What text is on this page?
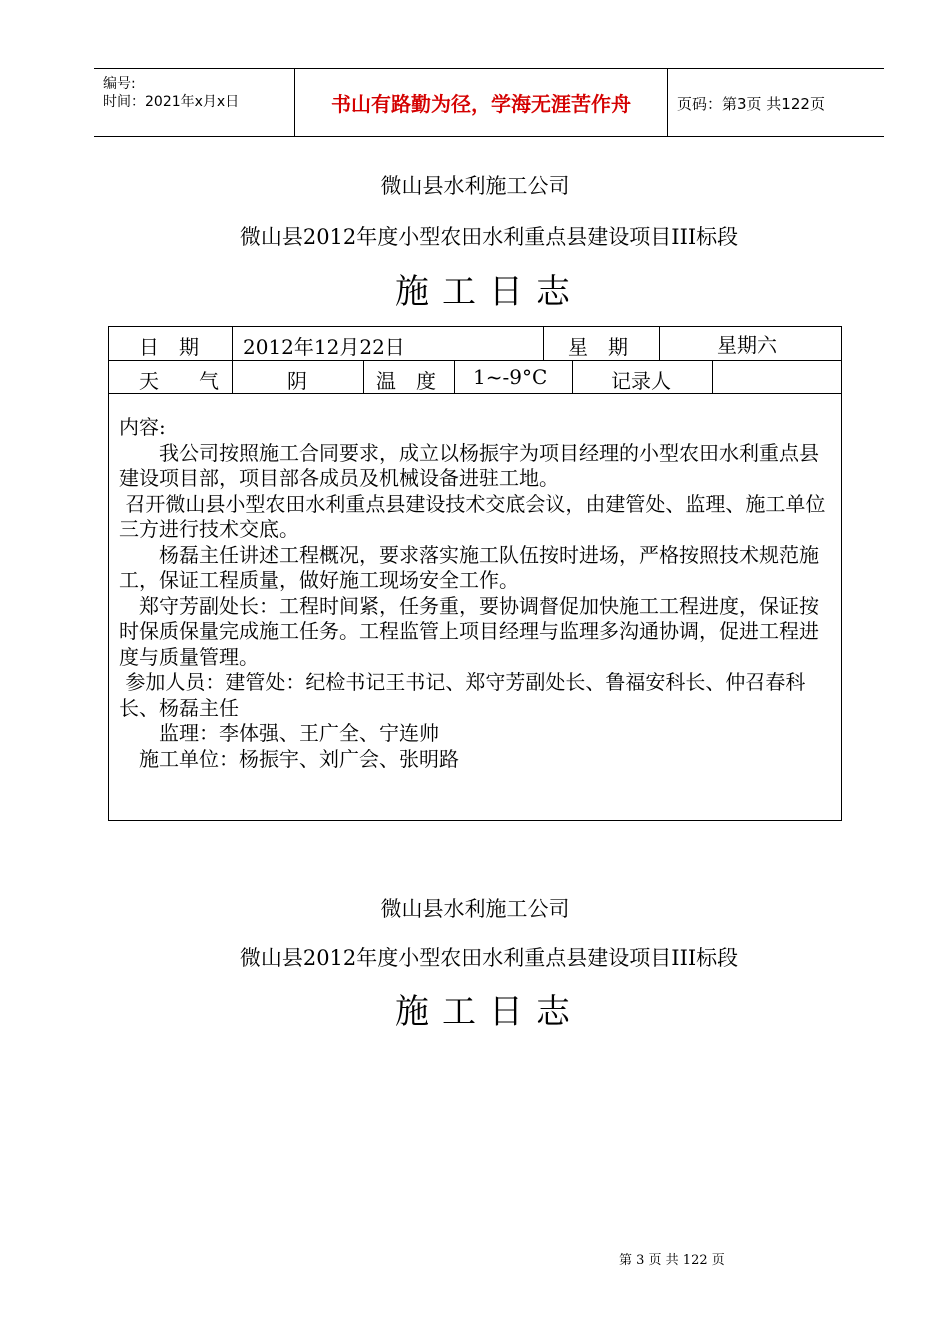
编号:
时间：2021年x月x日	书山有路勤为径，学海无涯苦作舟	页码：第3页 共122页
微山县水利施工公司
微山县2012年度小型农田水利重点县建设项目III标段
施工日志
日　期 2012年12月22日	星　期	星期六
天　　气	阴	温　度 1~-9°C	记录人

内容:

　　我公司按照施工合同要求，成立以杨振宇为项目经理的小型农田水利重点县建设项目部，项目部各成员及机械设备进驻工地。

召开微山县小型农田水利重点县建设技术交底会议，由建管处、监理、施工单位三方进行技术交底。

　　杨磊主任讲述工程概况，要求落实施工队伍按时进场，严格按照技术规范施工，保证工程质量，做好施工现场安全工作。

　郑守芳副处长：工程时间紧，任务重，要协调督促加快施工工程进度，保证按时保质保量完成施工任务。工程监管上项目经理与监理多沟通协调，促进工程进度与质量管理。

参加人员：建管处：纪检书记王书记、郑守芳副处长、鲁福安科长、仲召春科长、杨磊主任

　　监理：李体强、王广全、宁连帅

　施工单位：杨振宇、刘广会、张明路

微山县水利施工公司
微山县2012年度小型农田水利重点县建设项目III标段
施工日志
第 3 页 共 122 页
